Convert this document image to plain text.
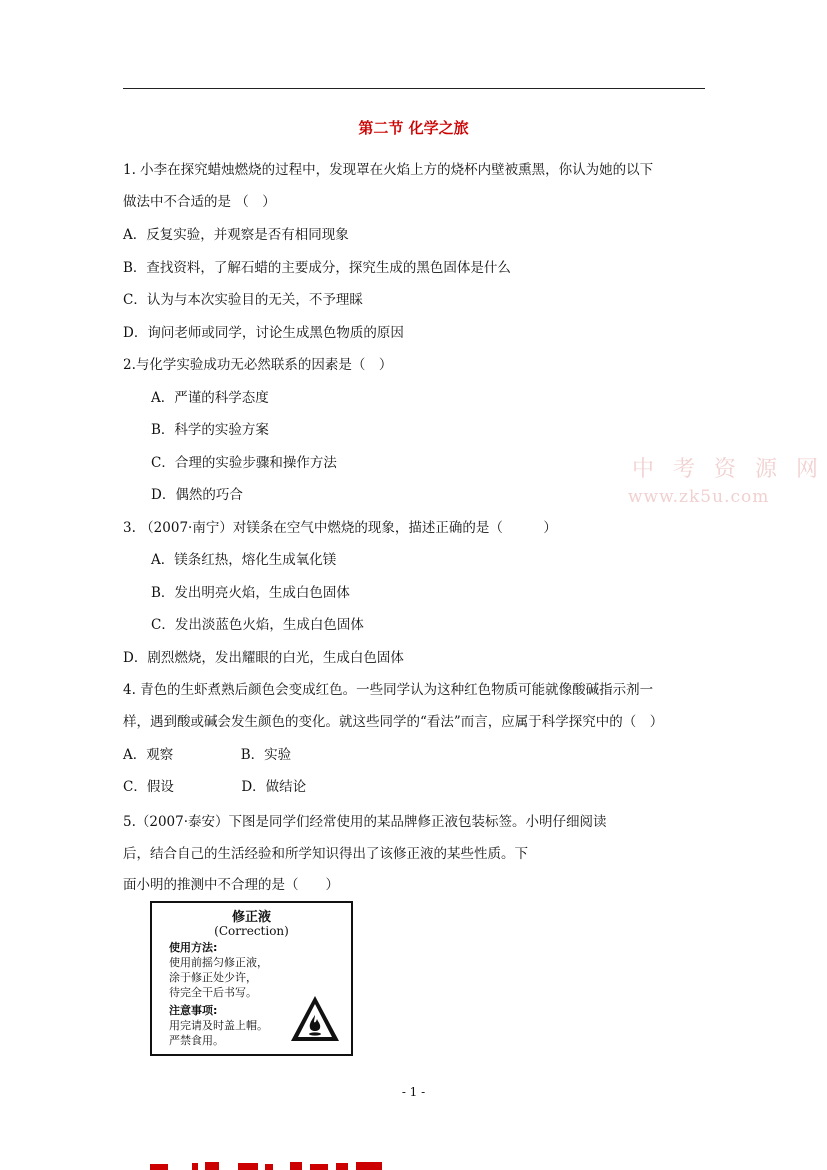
第二节 化学之旅
中 考 资 源 网
www.zk5u.com
1. 小李在探究蜡烛燃烧的过程中，发现罩在火焰上方的烧杯内壁被熏黑，你认为她的以下
做法中不合适的是 （　）
A．反复实验，并观察是否有相同现象
B．查找资料，了解石蜡的主要成分，探究生成的黑色固体是什么
C．认为与本次实验目的无关，不予理睬
D．询问老师或同学，讨论生成黑色物质的原因
2.与化学实验成功无必然联系的因素是（　）
A．严谨的科学态度
B．科学的实验方案
C．合理的实验步骤和操作方法
D．偶然的巧合
3. （2007·南宁）对镁条在空气中燃烧的现象，描述正确的是（　　　）
A．镁条红热，熔化生成氧化镁
B．发出明亮火焰，生成白色固体
C．发出淡蓝色火焰，生成白色固体
D．剧烈燃烧，发出耀眼的白光，生成白色固体
4. 青色的生虾煮熟后颜色会变成红色。一些同学认为这种红色物质可能就像酸碱指示剂一
样，遇到酸或碱会发生颜色的变化。就这些同学的“看法”而言，应属于科学探究中的（　）
A．观察　　　　　B．实验
C．假设　　　　　D．做结论
5.（2007·泰安）下图是同学们经常使用的某品牌修正液包装标签。小明仔细阅读
后，结合自己的生活经验和所学知识得出了该修正液的某些性质。下
面小明的推测中不合理的是（　　）
修正液
(Correction)
使用方法:
使用前摇匀修正液，
涂于修正处少许，
待完全干后书写。
注意事项:
用完请及时盖上帽。
严禁食用。
- 1 -
